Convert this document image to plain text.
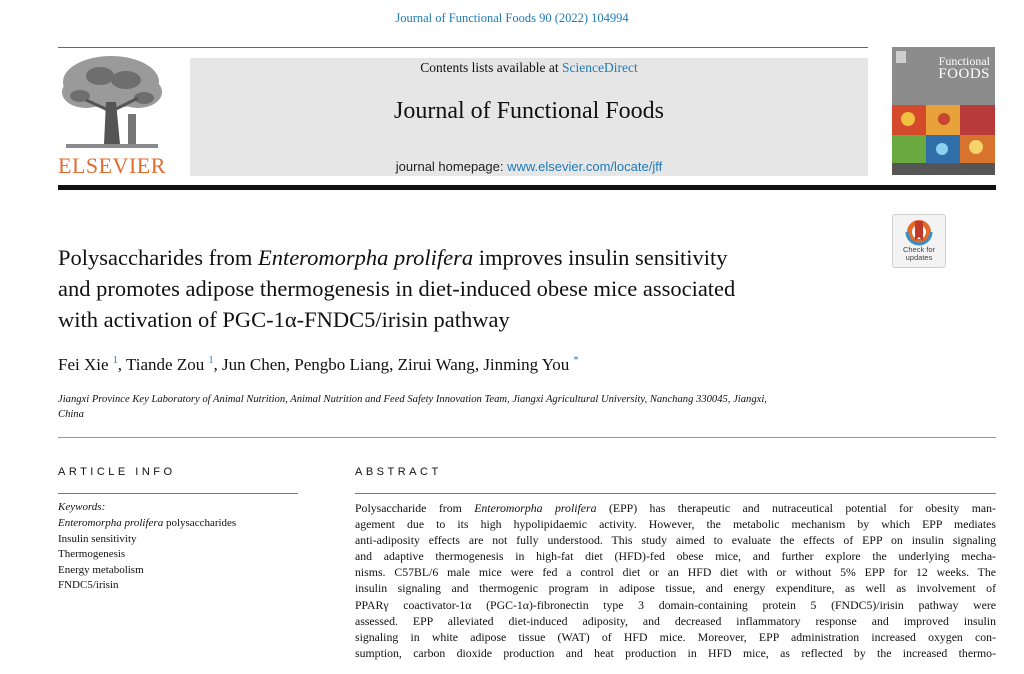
Journal of Functional Foods 90 (2022) 104994
ELSEVIER
Contents lists available at ScienceDirect
Journal of Functional Foods
journal homepage: www.elsevier.com/locate/jff
Functional
FOODS
Check for
updates
Polysaccharides from Enteromorpha prolifera improves insulin sensitivity
and promotes adipose thermogenesis in diet-induced obese mice associated
with activation of PGC-1α-FNDC5/irisin pathway
Fei Xie $^1$, Tiande Zou $^1$, Jun Chen, Pengbo Liang, Zirui Wang, Jinming You *
Jiangxi Province Key Laboratory of Animal Nutrition, Animal Nutrition and Feed Safety Innovation Team, Jiangxi Agricultural University, Nanchang 330045, Jiangxi,
China
ARTICLE INFO
Keywords:
Enteromorpha prolifera polysaccharides
Insulin sensitivity
Thermogenesis
Energy metabolism
FNDC5/irisin
ABSTRACT
Polysaccharide from Enteromorpha prolifera (EPP) has therapeutic and nutraceutical potential for obesity man-
agement due to its high hypolipidaemic activity. However, the metabolic mechanism by which EPP mediates
anti-adiposity effects are not fully understood. This study aimed to evaluate the effects of EPP on insulin signaling
and adaptive thermogenesis in high-fat diet (HFD)-fed obese mice, and further explore the underlying mecha-
nisms. C57BL/6 male mice were fed a control diet or an HFD diet with or without 5% EPP for 12 weeks. The
insulin signaling and thermogenic program in adipose tissue, and energy expenditure, as well as involvement of
PPARγ coactivator-1α (PGC-1α)-fibronectin type 3 domain-containing protein 5 (FNDC5)/irisin pathway were
assessed. EPP alleviated diet-induced adiposity, and decreased inflammatory response and improved insulin
signaling in white adipose tissue (WAT) of HFD mice. Moreover, EPP administration increased oxygen con-
sumption, carbon dioxide production and heat production in HFD mice, as reflected by the increased thermo-
